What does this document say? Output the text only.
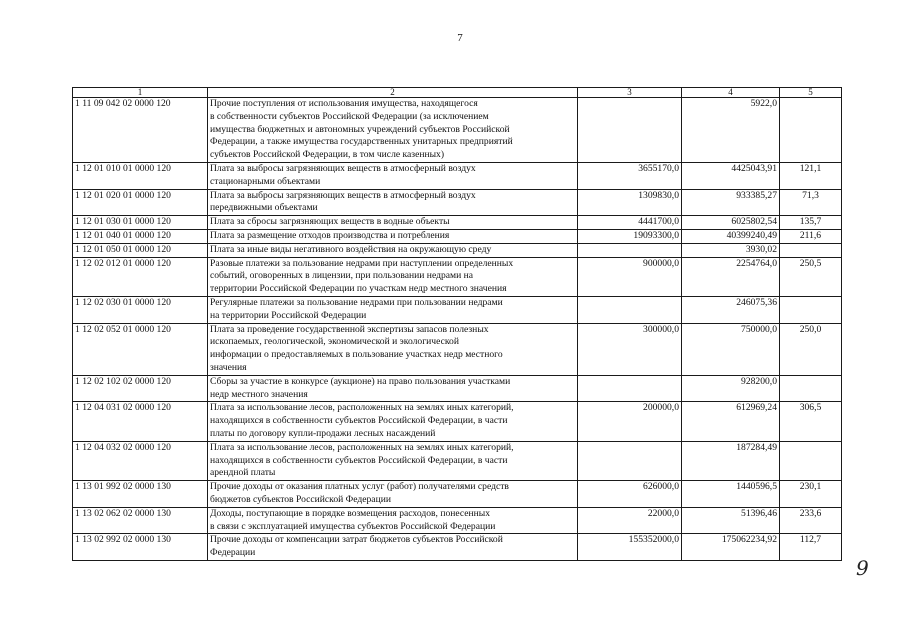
7
1	2	3	4	5
1 11 09 042 02 0000 120	Прочие поступления от использования имущества, находящегося
в собственности субъектов Российской Федерации (за исключением
имущества бюджетных и автономных учреждений субъектов Российской
Федерации, а также имущества государственных унитарных предприятий
субъектов Российской Федерации, в том числе казенных)		5922,0	
1 12 01 010 01 0000 120	Плата за выбросы загрязняющих веществ в атмосферный воздух
стационарными объектами	3655170,0	4425043,91	121,1
1 12 01 020 01 0000 120	Плата за выбросы загрязняющих веществ в атмосферный воздух
передвижными объектами	1309830,0	933385,27	71,3
1 12 01 030 01 0000 120	Плата за сбросы загрязняющих веществ в водные объекты	4441700,0	6025802,54	135,7
1 12 01 040 01 0000 120	Плата за размещение отходов производства и потребления	19093300,0	40399240,49	211,6
1 12 01 050 01 0000 120	Плата за иные виды негативного воздействия на окружающую среду		3930,02	
1 12 02 012 01 0000 120	Разовые платежи за пользование недрами при наступлении определенных
событий, оговоренных в лицензии, при пользовании недрами на
территории Российской Федерации по участкам недр местного значения	900000,0	2254764,0	250,5
1 12 02 030 01 0000 120	Регулярные платежи за пользование недрами при пользовании недрами
на территории Российской Федерации		246075,36	
1 12 02 052 01 0000 120	Плата за проведение государственной экспертизы запасов полезных
ископаемых, геологической, экономической и экологической
информации о предоставляемых в пользование участках недр местного
значения	300000,0	750000,0	250,0
1 12 02 102 02 0000 120	Сборы за участие в конкурсе (аукционе) на право пользования участками
недр местного значения		928200,0	
1 12 04 031 02 0000 120	Плата за использование лесов, расположенных на землях иных категорий,
находящихся в собственности субъектов Российской Федерации, в части
платы по договору купли-продажи лесных насаждений	200000,0	612969,24	306,5
1 12 04 032 02 0000 120	Плата за использование лесов, расположенных на землях иных категорий,
находящихся в собственности субъектов Российской Федерации, в части
арендной платы		187284,49	
1 13 01 992 02 0000 130	Прочие доходы от оказания платных услуг (работ) получателями средств
бюджетов субъектов Российской Федерации	626000,0	1440596,5	230,1
1 13 02 062 02 0000 130	Доходы, поступающие в порядке возмещения расходов, понесенных
в связи с эксплуатацией имущества субъектов Российской Федерации	22000,0	51396,46	233,6
1 13 02 992 02 0000 130	Прочие доходы от компенсации затрат бюджетов субъектов Российской
Федерации	155352000,0	175062234,92	112,7
9
